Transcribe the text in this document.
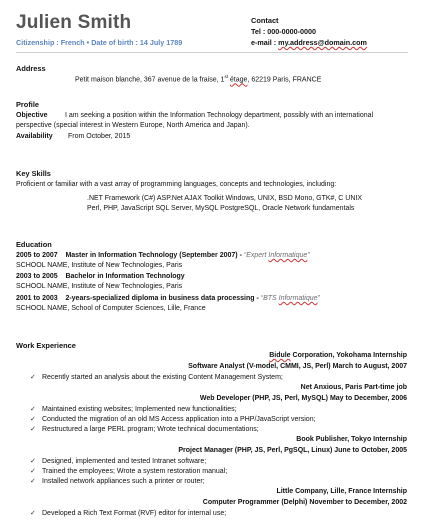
Julien Smith
Citizenship : French • Date of birth : 14 July 1789
Contact
Tel : 000-0000-0000
e-mail : my.address@domain.com
Address
Petit maison blanche, 367 avenue de la fraise, 1st étage, 62219 Paris, FRANCE
Profile
Objective I am seeking a position within the Information Technology department, possibly with an international
perspective (special interest in Western Europe, North America and Japan).
Availability From October, 2015
Key Skills
Proficient or familiar with a vast array of programming languages, concepts and technologies, including:
.NET Framework (C#) ASP.Net AJAX Toolkit Windows, UNIX, BSD Mono, GTK#, C UNIX
Perl, PHP, JavaScript SQL Server, MySQL PostgreSQL, Oracle Network fundamentals
Education
2005 to 2007 Master in Information Technology (September 2007) - “Expert Informatique”
SCHOOL NAME, Institute of New Technologies, Paris
2003 to 2005 Bachelor in Information Technology
SCHOOL NAME, Institute of New Technologies, Paris
2001 to 2003 2-years-specialized diploma in business data processing - “BTS Informatique”
SCHOOL NAME, School of Computer Sciences, Lille, France
Work Experience
Bidule Corporation, Yokohama Internship
Software Analyst (V-model, CMMI, JS, Perl) March to August, 2007
✓ Recently started an analysis about the existing Content Management System;
Net Anxious, Paris Part-time job
Web Developer (PHP, JS, Perl, MySQL) May to December, 2006
✓ Maintained existing websites; Implemented new functionalities;
✓ Conducted the migration of an old MS Access application into a PHP/JavaScript version;
✓ Restructured a large PERL program; Wrote technical documentations;
Book Publisher, Tokyo Internship
Project Manager (PHP, JS, Perl, PgSQL, Linux) June to October, 2005
✓ Designed, implemented and tested Intranet software;
✓ Trained the employees; Wrote a system restoration manual;
✓ Installed network appliances such a printer or router;
Little Company, Lille, France Internship
Computer Programmer (Delphi) November to December, 2002
✓ Developed a Rich Text Format (RVF) editor for internal use;
